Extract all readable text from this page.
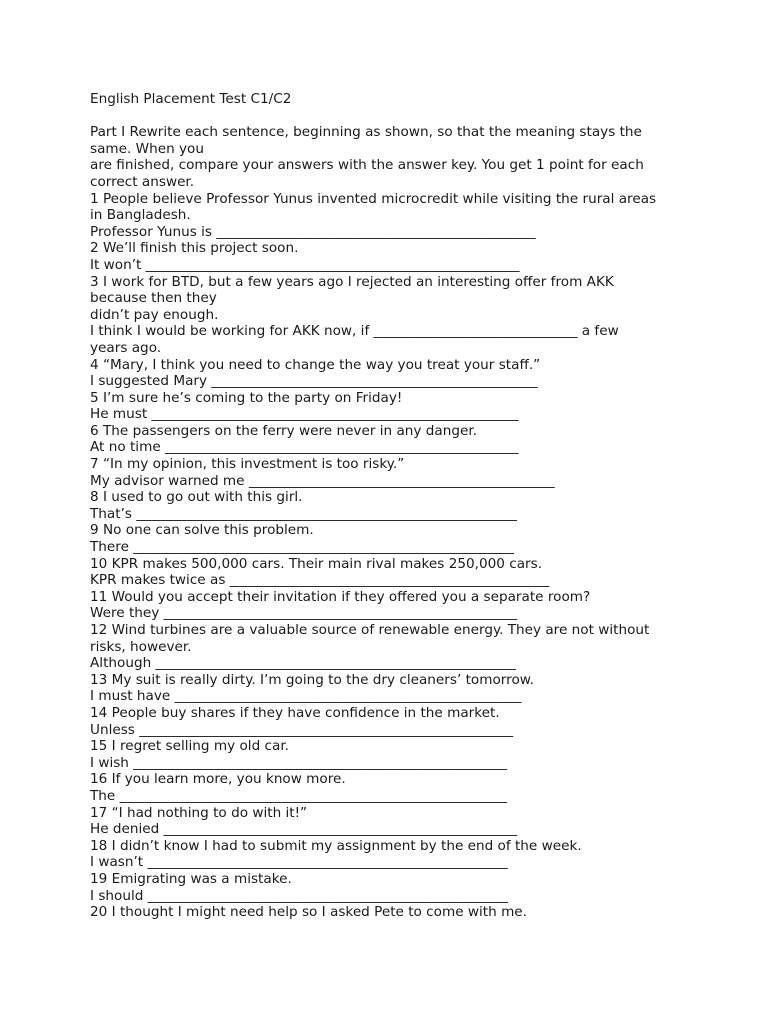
English Placement Test C1/C2
Part I Rewrite each sentence, beginning as shown, so that the meaning stays the
same. When you
are finished, compare your answers with the answer key. You get 1 point for each
correct answer.
1 People believe Professor Yunus invented microcredit while visiting the rural areas
in Bangladesh.
Professor Yunus is _______________________________________________
2 We’ll finish this project soon.
It won’t _______________________________________________________
3 I work for BTD, but a few years ago I rejected an interesting offer from AKK
because then they
didn’t pay enough.
I think I would be working for AKK now, if ______________________________ a few
years ago.
4 “Mary, I think you need to change the way you treat your staff.”
I suggested Mary ________________________________________________
5 I’m sure he’s coming to the party on Friday!
He must ______________________________________________________
6 The passengers on the ferry were never in any danger.
At no time ____________________________________________________
7 “In my opinion, this investment is too risky.”
My advisor warned me _____________________________________________
8 I used to go out with this girl.
That’s ________________________________________________________
9 No one can solve this problem.
There ________________________________________________________
10 KPR makes 500,000 cars. Their main rival makes 250,000 cars.
KPR makes twice as _______________________________________________
11 Would you accept their invitation if they offered you a separate room?
Were they ____________________________________________________
12 Wind turbines are a valuable source of renewable energy. They are not without
risks, however.
Although _____________________________________________________
13 My suit is really dirty. I’m going to the dry cleaners’ tomorrow.
I must have ___________________________________________________
14 People buy shares if they have confidence in the market.
Unless _______________________________________________________
15 I regret selling my old car.
I wish _______________________________________________________
16 If you learn more, you know more.
The _________________________________________________________
17 “I had nothing to do with it!”
He denied ____________________________________________________
18 I didn’t know I had to submit my assignment by the end of the week.
I wasn’t _____________________________________________________
19 Emigrating was a mistake.
I should _____________________________________________________
20 I thought I might need help so I asked Pete to come with me.
